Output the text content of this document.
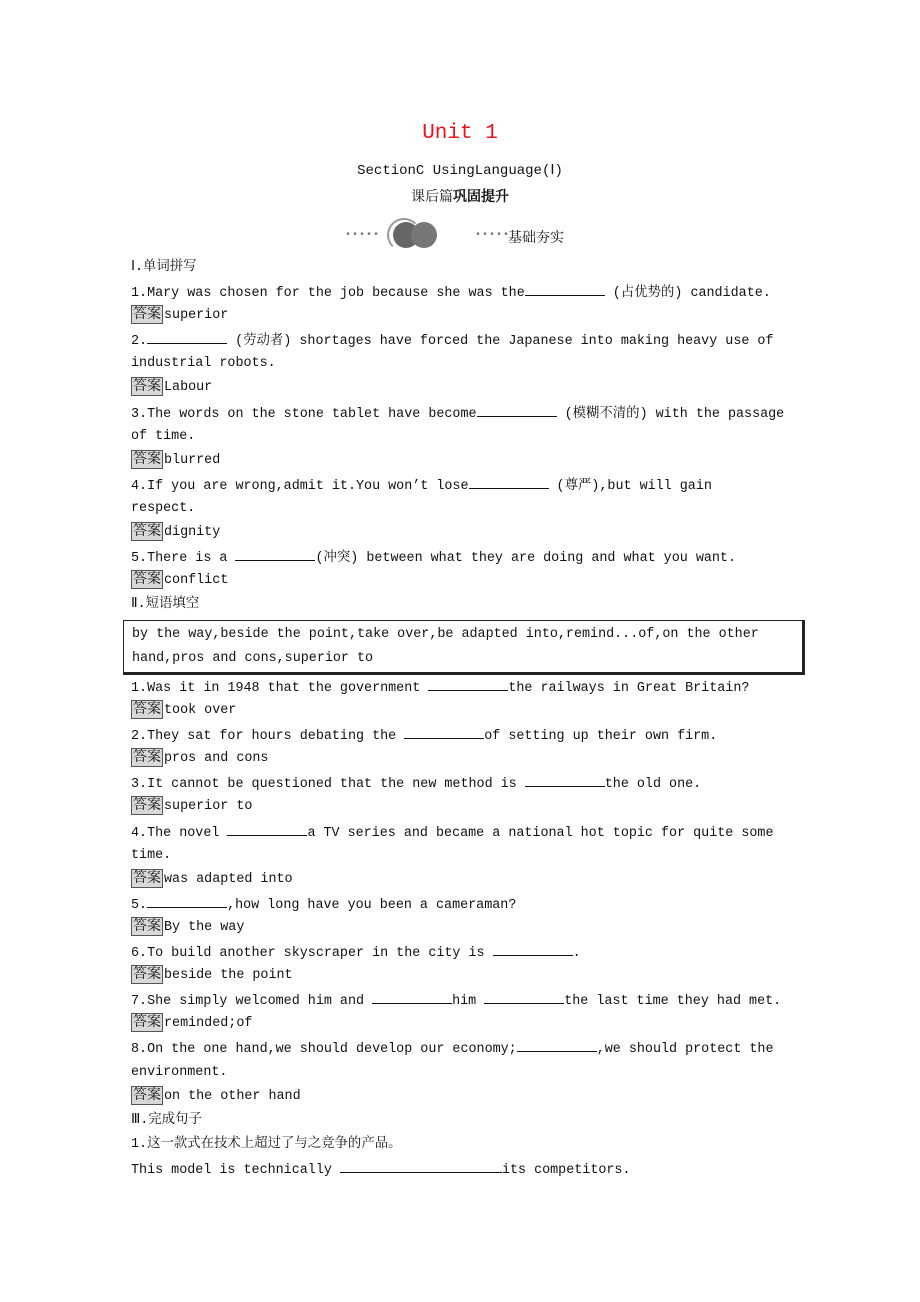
Unit 1
SectionC UsingLanguage(Ⅰ)
课后篇巩固提升
•••••	•••••
基础夯实
Ⅰ.单词拼写
1.Mary was chosen for the job because she was the	(占优势的) candidate.
答案 superior
2.	(劳动者) shortages have forced the Japanese into making heavy use of
industrial robots.
答案 Labour
3.The words on the stone tablet have become	(模糊不清的) with the passage
of time.
答案 blurred
4.If you are wrong,admit it.You won’t lose	(尊严),but will gain
respect.
答案 dignity
5.There is a	(冲突) between what they are doing and what you want.
答案 conflict
Ⅱ.短语填空
by the way,beside the point,take over,be adapted into,remind...of,on the other
hand,pros and cons,superior to
1.Was it in 1948 that the government	the railways in Great Britain?
答案 took over
2.They sat for hours debating the	of setting up their own firm.
答案 pros and cons
3.It cannot be questioned that the new method is	the old one.
答案 superior to
4.The novel	a TV series and became a national hot topic for quite some
time.
答案 was adapted into
5.	,how long have you been a cameraman?
答案 By the way
6.To build another skyscraper in the city is	.
答案 beside the point
7.She simply welcomed him and	him	the last time they had met.
答案 reminded;of
8.On the one hand,we should develop our economy;	,we should protect the
environment.
答案 on the other hand
Ⅲ.完成句子
1.这一款式在技术上超过了与之竞争的产品。
This model is technically	its competitors.
